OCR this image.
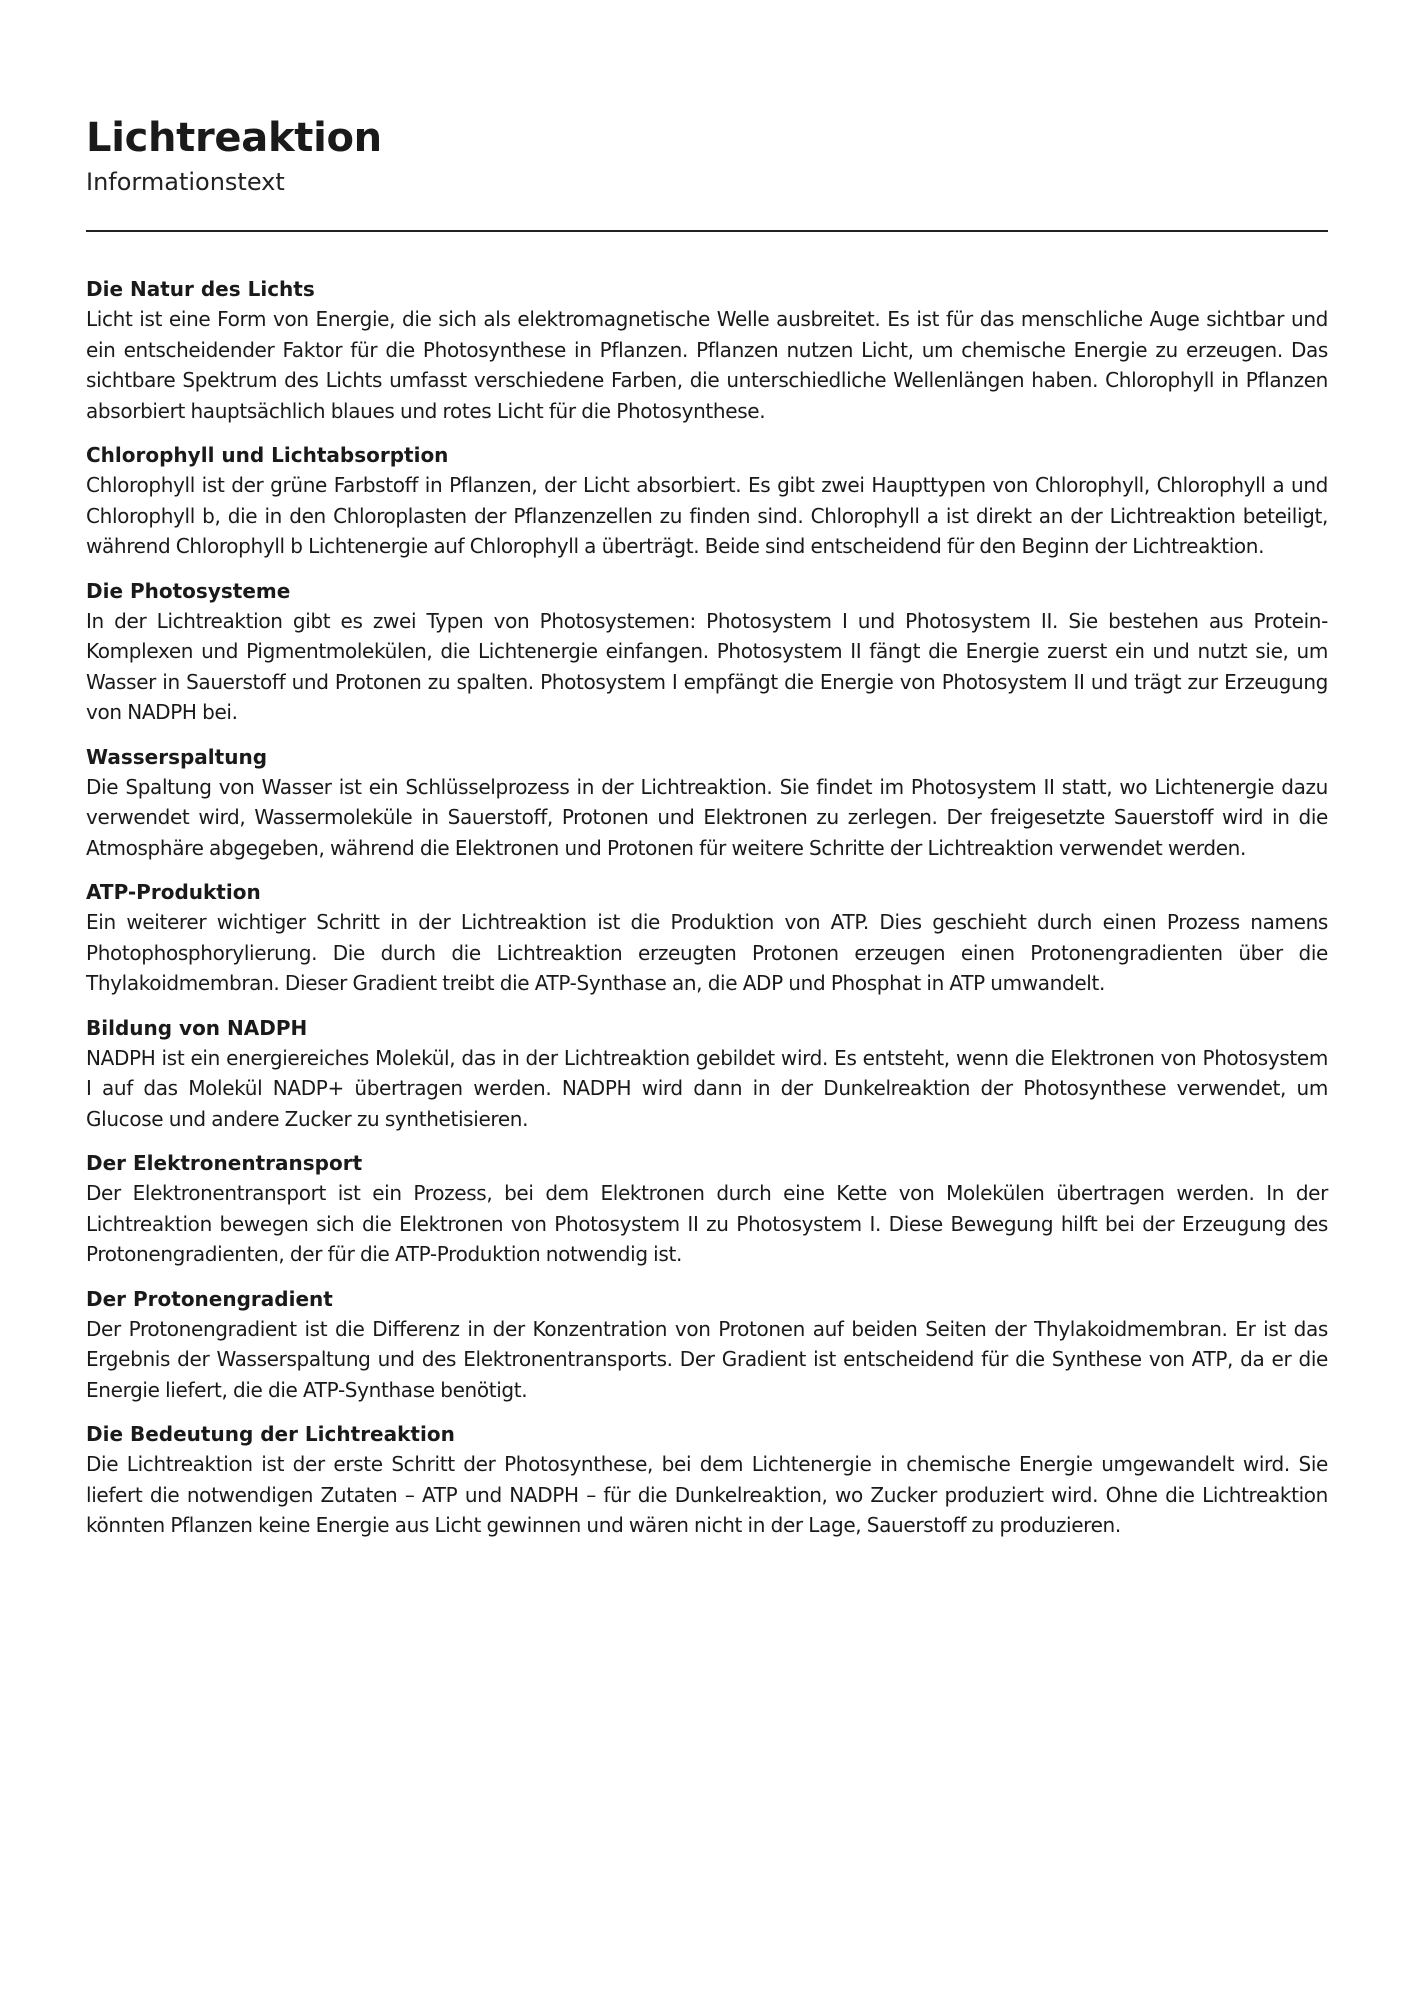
Lichtreaktion
Informationstext
Die Natur des Lichts

Licht ist eine Form von Energie, die sich als elektromagnetische Welle ausbreitet. Es ist für das menschliche Auge sichtbar und ein entscheidender Faktor für die Photosynthese in Pflanzen. Pflanzen nutzen Licht, um chemische Energie zu erzeugen. Das sichtbare Spektrum des Lichts umfasst verschiedene Farben, die unterschiedliche Wellenlängen haben. Chlorophyll in Pflanzen absorbiert hauptsächlich blaues und rotes Licht für die Photosynthese.

Chlorophyll und Lichtabsorption

Chlorophyll ist der grüne Farbstoff in Pflanzen, der Licht absorbiert. Es gibt zwei Haupttypen von Chlorophyll, Chlorophyll a und Chlorophyll b, die in den Chloroplasten der Pflanzenzellen zu finden sind. Chlorophyll a ist direkt an der Lichtreaktion beteiligt, während Chlorophyll b Lichtenergie auf Chlorophyll a überträgt. Beide sind entscheidend für den Beginn der Lichtreaktion.

Die Photosysteme

In der Lichtreaktion gibt es zwei Typen von Photosystemen: Photosystem I und Photosystem II. Sie bestehen aus Protein-Komplexen und Pigmentmolekülen, die Lichtenergie einfangen. Photosystem II fängt die Energie zuerst ein und nutzt sie, um Wasser in Sauerstoff und Protonen zu spalten. Photosystem I empfängt die Energie von Photosystem II und trägt zur Erzeugung von NADPH bei.

Wasserspaltung

Die Spaltung von Wasser ist ein Schlüsselprozess in der Lichtreaktion. Sie findet im Photosystem II statt, wo Lichtenergie dazu verwendet wird, Wassermoleküle in Sauerstoff, Protonen und Elektronen zu zerlegen. Der freigesetzte Sauerstoff wird in die Atmosphäre abgegeben, während die Elektronen und Protonen für weitere Schritte der Lichtreaktion verwendet werden.

ATP-Produktion

Ein weiterer wichtiger Schritt in der Lichtreaktion ist die Produktion von ATP. Dies geschieht durch einen Prozess namens Photophosphorylierung. Die durch die Lichtreaktion erzeugten Protonen erzeugen einen Protonengradienten über die Thylakoidmembran. Dieser Gradient treibt die ATP-Synthase an, die ADP und Phosphat in ATP umwandelt.

Bildung von NADPH

NADPH ist ein energiereiches Molekül, das in der Lichtreaktion gebildet wird. Es entsteht, wenn die Elektronen von Photosystem I auf das Molekül NADP+ übertragen werden. NADPH wird dann in der Dunkelreaktion der Photosynthese verwendet, um Glucose und andere Zucker zu synthetisieren.

Der Elektronentransport

Der Elektronentransport ist ein Prozess, bei dem Elektronen durch eine Kette von Molekülen übertragen werden. In der Lichtreaktion bewegen sich die Elektronen von Photosystem II zu Photosystem I. Diese Bewegung hilft bei der Erzeugung des Protonengradienten, der für die ATP-Produktion notwendig ist.

Der Protonengradient

Der Protonengradient ist die Differenz in der Konzentration von Protonen auf beiden Seiten der Thylakoidmembran. Er ist das Ergebnis der Wasserspaltung und des Elektronentransports. Der Gradient ist entscheidend für die Synthese von ATP, da er die Energie liefert, die die ATP-Synthase benötigt.

Die Bedeutung der Lichtreaktion

Die Lichtreaktion ist der erste Schritt der Photosynthese, bei dem Lichtenergie in chemische Energie umgewandelt wird. Sie liefert die notwendigen Zutaten – ATP und NADPH – für die Dunkelreaktion, wo Zucker produziert wird. Ohne die Lichtreaktion könnten Pflanzen keine Energie aus Licht gewinnen und wären nicht in der Lage, Sauerstoff zu produzieren.
